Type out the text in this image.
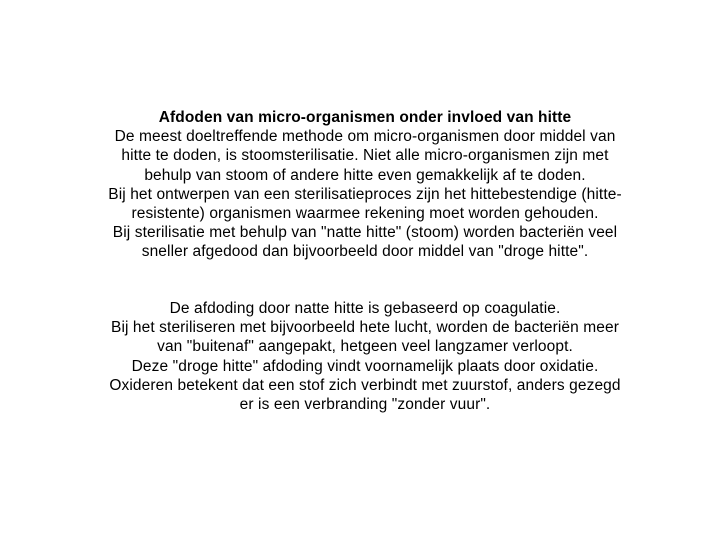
Afdoden van micro‑organismen onder invloed van hitte
De meest doeltreffende methode om micro‑organismen door middel van
hitte te doden, is stoomsterilisatie. Niet alle micro-organismen zijn met
behulp van stoom of andere hitte even gemakkelijk af te doden.
Bij het ontwerpen van een sterilisatieproces zijn het hittebestendige (hitte-
resistente) organismen waarmee rekening moet worden gehouden.
Bij sterilisatie met behulp van "natte hitte" (stoom) worden bacteriën veel
sneller afgedood dan bijvoorbeeld door middel van "droge hitte".
De afdoding door natte hitte is gebaseerd op coagulatie.
Bij het steriliseren met bijvoorbeeld hete lucht, worden de bacteriën meer
van "buitenaf" aangepakt, hetgeen veel langzamer verloopt.
Deze "droge hitte" afdoding vindt voornamelijk plaats door oxidatie.
Oxideren betekent dat een stof zich verbindt met zuurstof, anders gezegd
er is een verbranding "zonder vuur".
